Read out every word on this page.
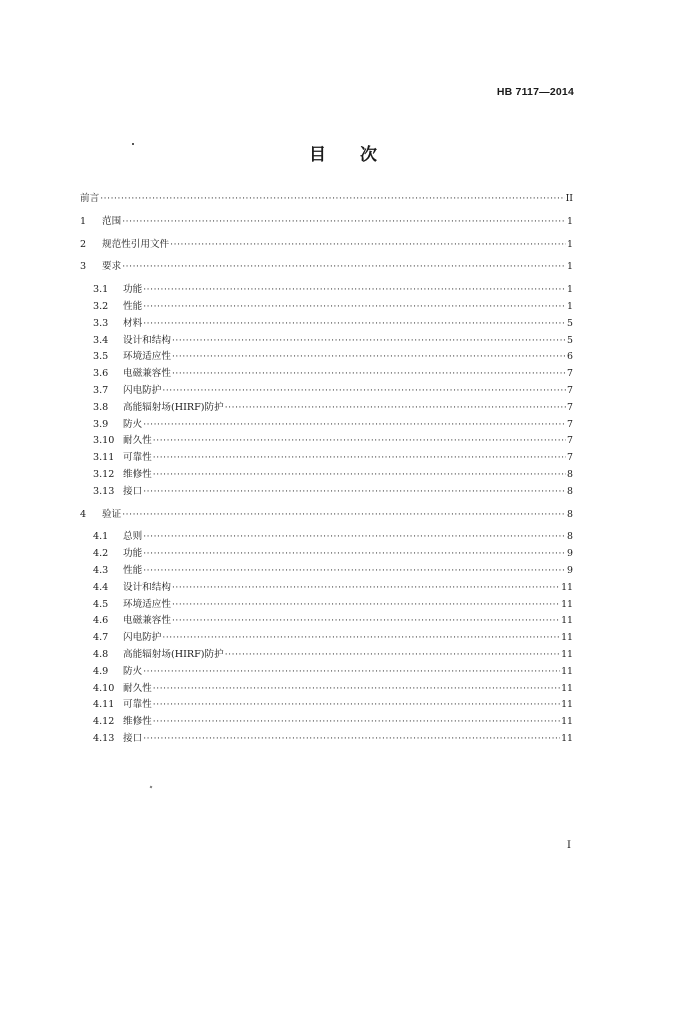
HB 7117—2014
目 次
前言 ·····	II
1	范围 ·····	1
2	规范性引用文件 ·····	1
3	要求 ·····	1
3.1	功能 ·····	1
3.2	性能 ·····	1
3.3	材料 ·····	5
3.4	设计和结构 ·····	5
3.5	环境适应性 ·····	6
3.6	电磁兼容性 ·····	7
3.7	闪电防护 ·····	7
3.8	高能辐射场(HIRF)防护 ·····	7
3.9	防火 ·····	7
3.10 耐久性 ·····	7
3.11 可靠性 ·····	7
3.12 维修性 ·····	8
3.13 接口 ·····	8
4	验证 ·····	8
4.1	总则 ·····	8
4.2	功能 ·····	9
4.3	性能 ·····	9
4.4	设计和结构 ·····	11
4.5	环境适应性 ·····	11
4.6	电磁兼容性 ·····	11
4.7	闪电防护 ·····	11
4.8	高能辐射场(HIRF)防护 ·····	11
4.9	防火 ·····	11
4.10 耐久性 ·····	11
4.11 可靠性 ·····	11
4.12 维修性 ·····	11
4.13 接口 ·····	11
I
